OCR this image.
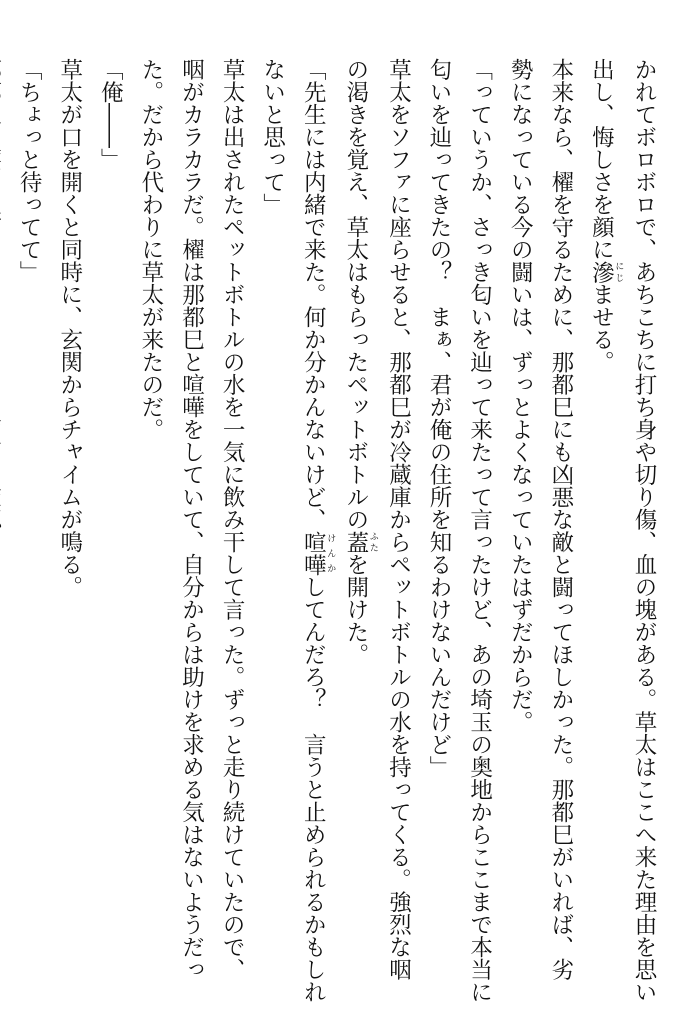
かれてボロボロで、あちこちに打ち身や切り傷、血の塊がある。草太はここへ来た理由を思い

出し、悔しさを顔に滲 にじませる。

本来なら、櫂を守るために、那都巳にも凶悪な敵と闘ってほしかった。那都巳がいれば、劣

勢になっている今の闘いは、ずっとよくなっていたはずだからだ。

「っていうか、さっき匂いを辿って来たって言ったけど、あの埼玉の奥地からここまで本当に

匂いを辿ってきたの？　まぁ、君が俺の住所を知るわけないんだけど」

草太をソファに座らせると、那都巳が冷蔵庫からペットボトルの水を持ってくる。強烈な咽

の渇きを覚え、草太はもらったペットボトルの蓋 ふたを開けた。

「先生には内緒で来た。何か分かんないけど、喧嘩 けんかしてんだろ？　言うと止められるかもしれ

ないと思って」

草太は出されたペットボトルの水を一気に飲み干して言った。ずっと走り続けていたので、

咽がカラカラだ。櫂は那都巳と喧嘩をしていて、自分からは助けを求める気はないようだっ

た。だから代わりに草太が来たのだ。

「俺――」

草太が口を開くと同時に、玄関からチャイムが鳴る。

「ちょっと待ってて」
